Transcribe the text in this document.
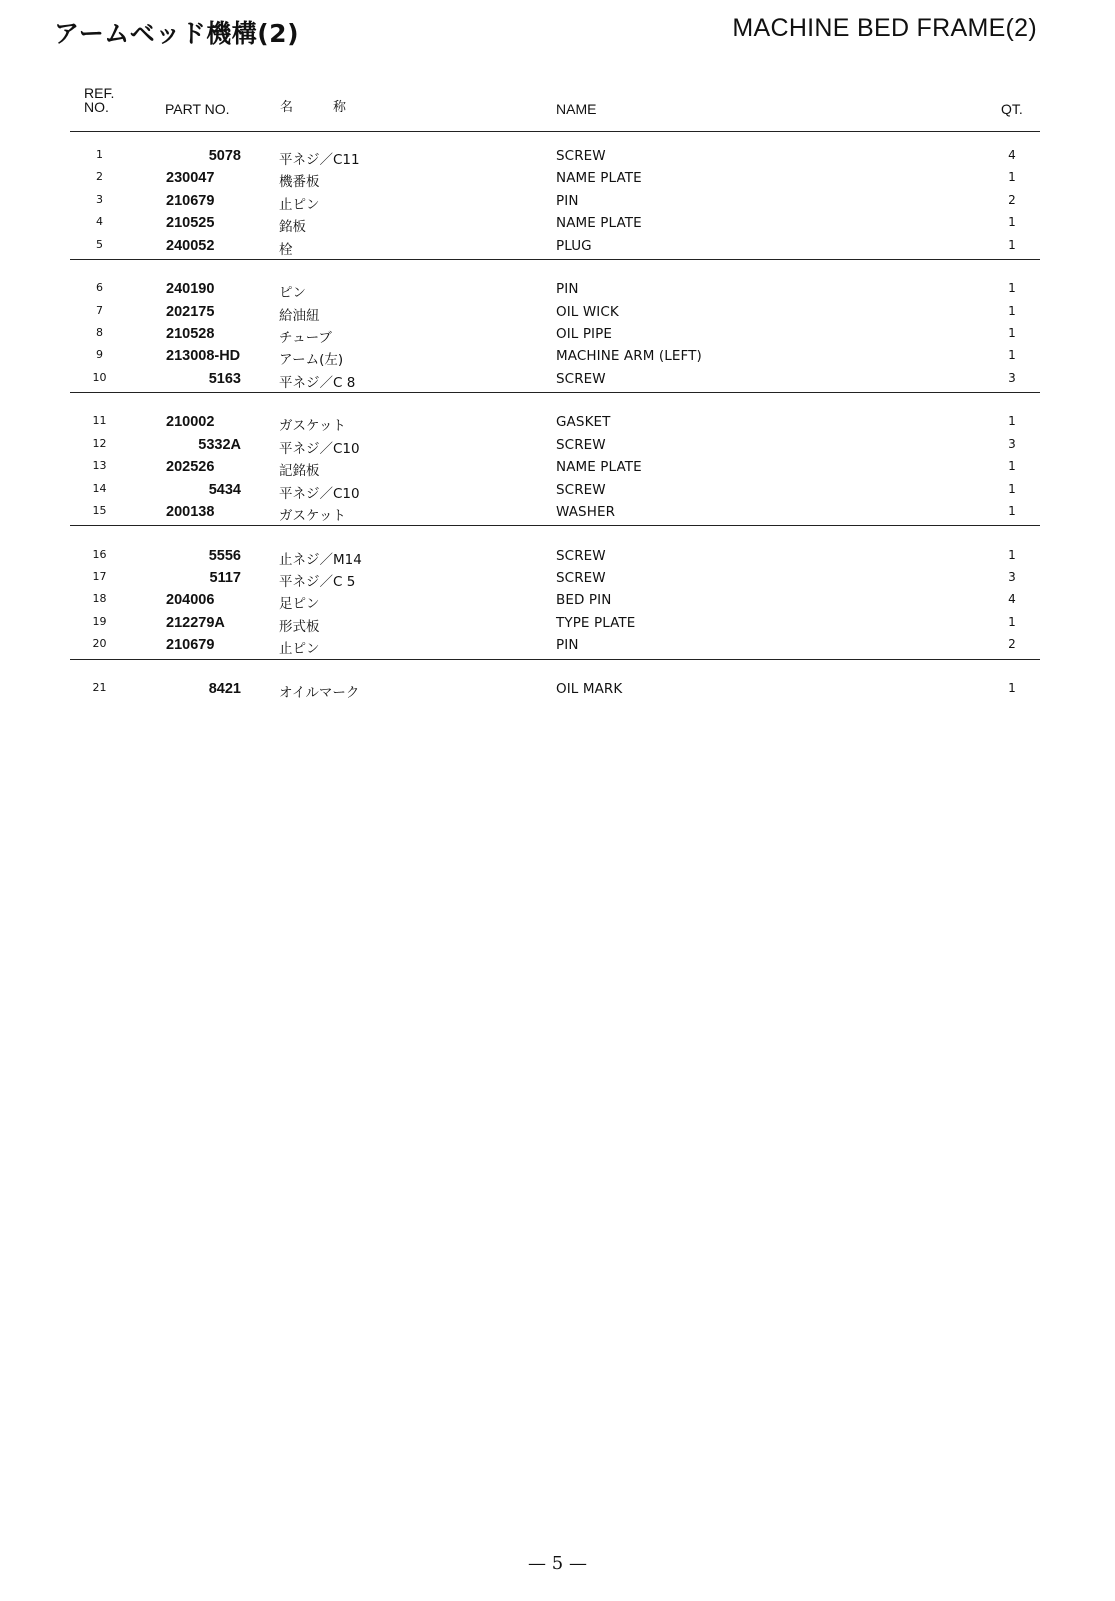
アームベッド機構(2)	MACHINE BED FRAME(2)
REF.
NO.	PART NO.	名	称	NAME	QT.
1	5078	平ネジ／C11	SCREW	4
2	230047	機番板	NAME PLATE	1
3	210679	止ピン	PIN	2
4	210525	銘板	NAME PLATE	1
5	240052	栓	PLUG	1
6	240190	ピン	PIN	1
7	202175	給油紐	OIL WICK	1
8	210528	チューブ	OIL PIPE	1
9	213008-HD	アーム(左)	MACHINE ARM (LEFT)	1
10	5163	平ネジ／C 8	SCREW	3
11	210002	ガスケット	GASKET	1
12	5332A	平ネジ／C10	SCREW	3
13	202526	記銘板	NAME PLATE	1
14	5434	平ネジ／C10	SCREW	1
15	200138	ガスケット	WASHER	1
16	5556	止ネジ／M14	SCREW	1
17	5117	平ネジ／C 5	SCREW	3
18	204006	足ピン	BED PIN	4
19	212279A	形式板	TYPE PLATE	1
20	210679	止ピン	PIN	2
21	8421	オイルマーク	OIL MARK	1
— 5 —
